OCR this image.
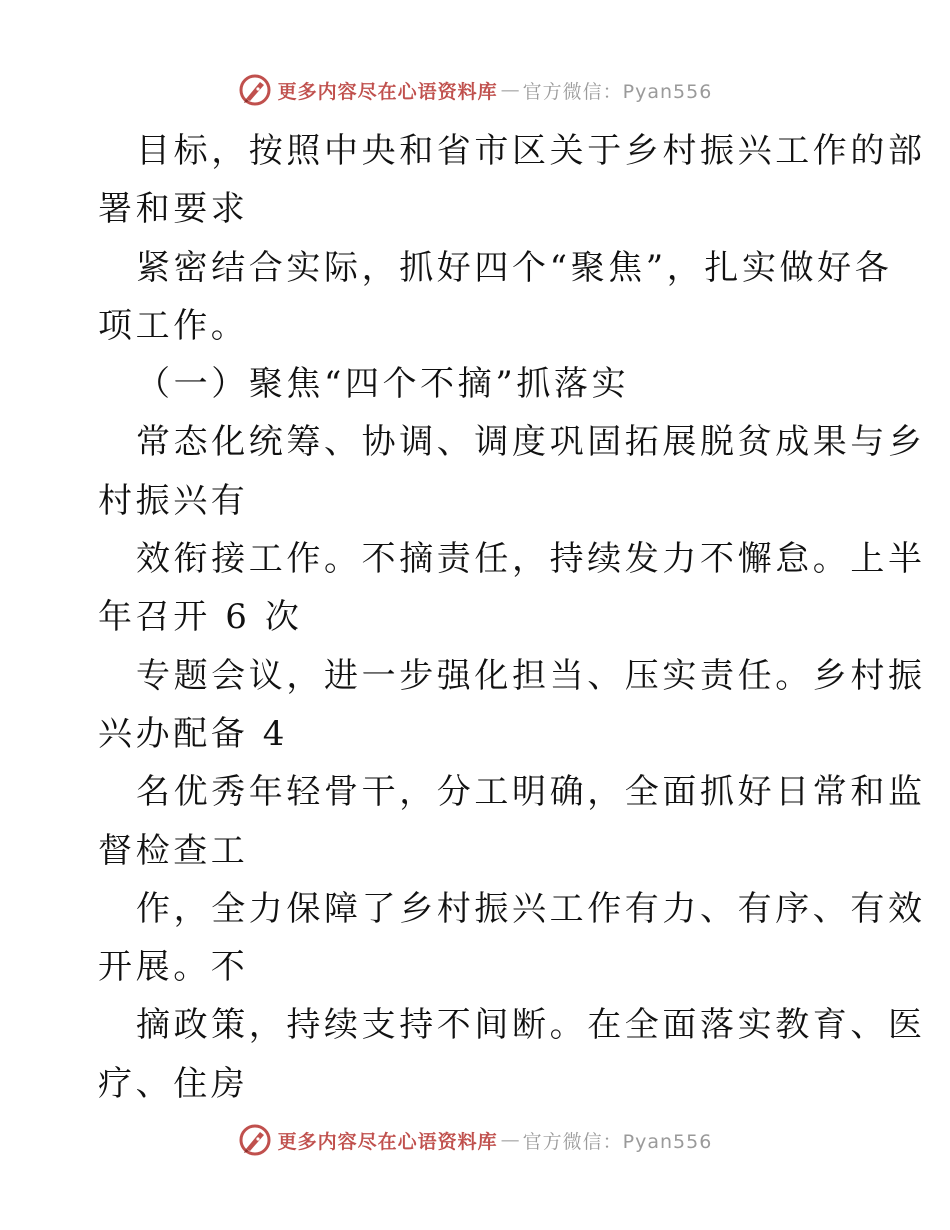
更多内容尽在心语资料库 — 官方微信：Pyan556
目标，按照中央和省市区关于乡村振兴工作的部
署和要求
紧密结合实际，抓好四个“聚焦”，扎实做好各
项工作。
（一）聚焦“四个不摘”抓落实
常态化统筹、协调、调度巩固拓展脱贫成果与乡
村振兴有
效衔接工作。不摘责任，持续发力不懈怠。上半
年召开 6 次
专题会议，进一步强化担当、压实责任。乡村振
兴办配备 4
名优秀年轻骨干，分工明确，全面抓好日常和监
督检查工
作，全力保障了乡村振兴工作有力、有序、有效
开展。不
摘政策，持续支持不间断。在全面落实教育、医
疗、住房
更多内容尽在心语资料库 — 官方微信：Pyan556
